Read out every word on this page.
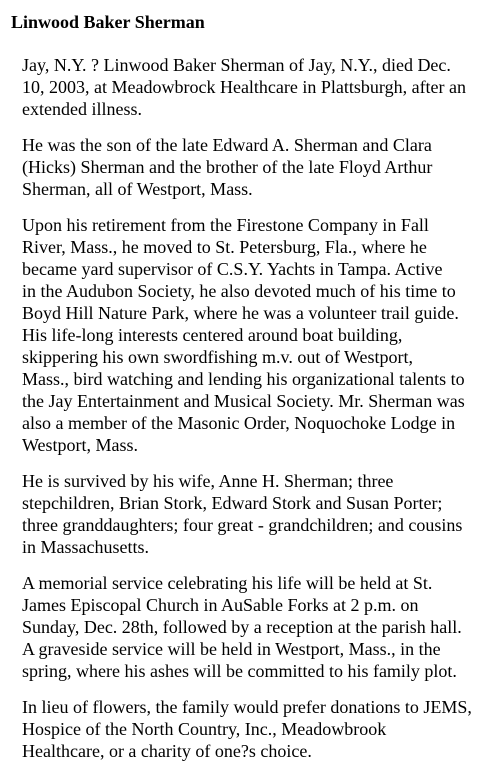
Linwood Baker Sherman

Jay, N.Y. ? Linwood Baker Sherman of Jay, N.Y., died Dec.
10, 2003, at Meadowbrock Healthcare in Plattsburgh, after an
extended illness.

He was the son of the late Edward A. Sherman and Clara
(Hicks) Sherman and the brother of the late Floyd Arthur
Sherman, all of Westport, Mass.

Upon his retirement from the Firestone Company in Fall
River, Mass., he moved to St. Petersburg, Fla., where he
became yard supervisor of C.S.Y. Yachts in Tampa. Active
in the Audubon Society, he also devoted much of his time to
Boyd Hill Nature Park, where he was a volunteer trail guide.
His life-long interests centered around boat building,
skippering his own swordfishing m.v. out of Westport,
Mass., bird watching and lending his organizational talents to
the Jay Entertainment and Musical Society. Mr. Sherman was
also a member of the Masonic Order, Noquochoke Lodge in
Westport, Mass.

He is survived by his wife, Anne H. Sherman; three
stepchildren, Brian Stork, Edward Stork and Susan Porter;
three granddaughters; four great - grandchildren; and cousins
in Massachusetts.

A memorial service celebrating his life will be held at St.
James Episcopal Church in AuSable Forks at 2 p.m. on
Sunday, Dec. 28th, followed by a reception at the parish hall.
A graveside service will be held in Westport, Mass., in the
spring, where his ashes will be committed to his family plot.

In lieu of flowers, the family would prefer donations to JEMS,
Hospice of the North Country, Inc., Meadowbrook
Healthcare, or a charity of one?s choice.
